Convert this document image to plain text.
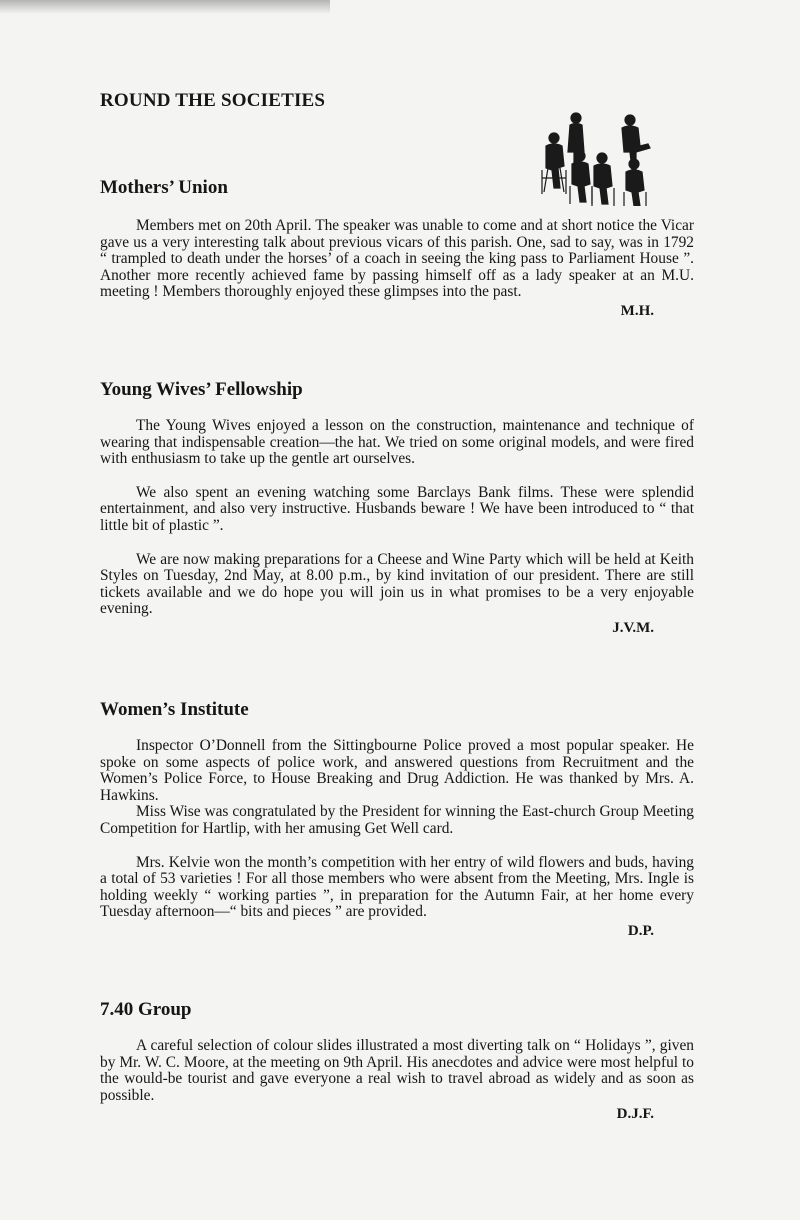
ROUND THE SOCIETIES
Mothers’ Union

Members met on 20th April. The speaker was unable to come and at short notice the Vicar gave us a very interesting talk about previous vicars of this parish. One, sad to say, was in 1792 “ trampled to death under the horses’ of a coach in seeing the king pass to Parliament House ”. Another more recently achieved fame by passing himself off as a lady speaker at an M.U. meeting ! Members thoroughly enjoyed these glimpses into the past.

M.H.

Young Wives’ Fellowship

The Young Wives enjoyed a lesson on the construction, maintenance and technique of wearing that indispensable creation—the hat. We tried on some original models, and were fired with enthusiasm to take up the gentle art ourselves.

We also spent an evening watching some Barclays Bank films. These were splendid entertainment, and also very instructive. Husbands beware ! We have been introduced to “ that little bit of plastic ”.

We are now making preparations for a Cheese and Wine Party which will be held at Keith Styles on Tuesday, 2nd May, at 8.00 p.m., by kind invitation of our president. There are still tickets available and we do hope you will join us in what promises to be a very enjoyable evening.

J.V.M.

Women’s Institute

Inspector O’Donnell from the Sittingbourne Police proved a most popular speaker. He spoke on some aspects of police work, and answered questions from Recruitment and the Women’s Police Force, to House Breaking and Drug Addiction. He was thanked by Mrs. A. Hawkins.

Miss Wise was congratulated by the President for winning the East-church Group Meeting Competition for Hartlip, with her amusing Get Well card.

Mrs. Kelvie won the month’s competition with her entry of wild flowers and buds, having a total of 53 varieties ! For all those members who were absent from the Meeting, Mrs. Ingle is holding weekly “ working parties ”, in preparation for the Autumn Fair, at her home every Tuesday afternoon—“ bits and pieces ” are provided.

D.P.

7.40 Group

A careful selection of colour slides illustrated a most diverting talk on “ Holidays ”, given by Mr. W. C. Moore, at the meeting on 9th April. His anecdotes and advice were most helpful to the would-be tourist and gave everyone a real wish to travel abroad as widely and as soon as possible.

D.J.F.
